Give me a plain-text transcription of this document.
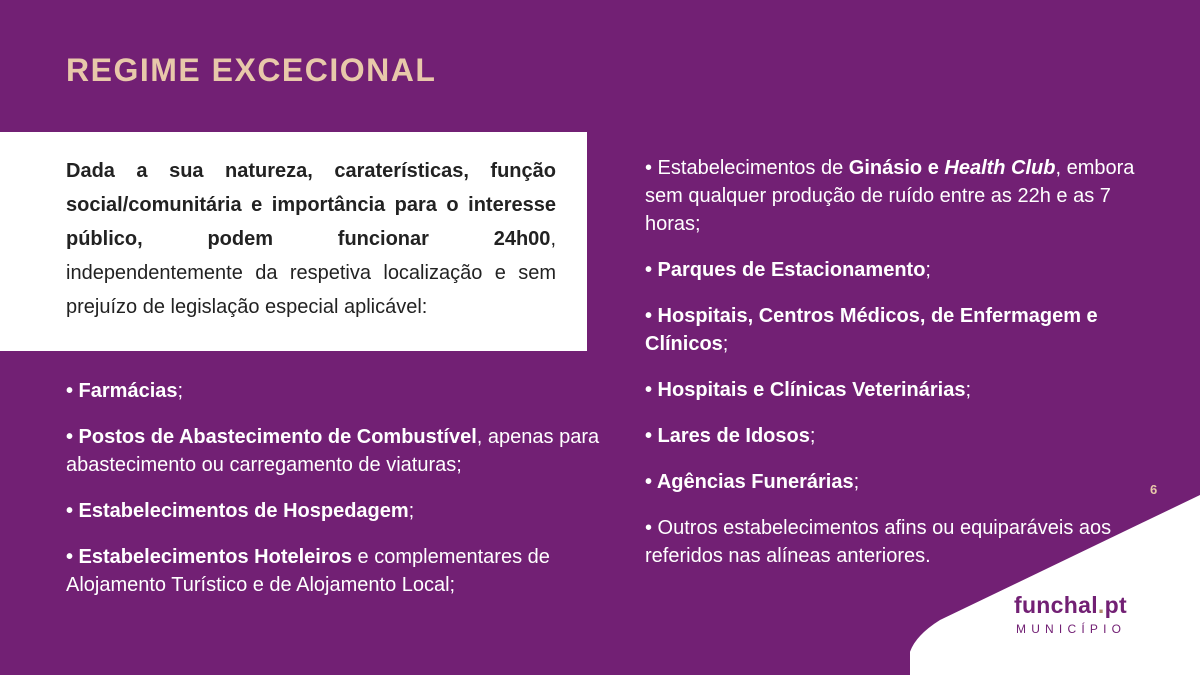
REGIME EXCECIONAL

Dada a sua natureza, caraterísticas, função social/comunitária e importância para o interesse público, podem funcionar 24h00, independentemente da respetiva localização e sem prejuízo de legislação especial aplicável:

• Farmácias;

• Postos de Abastecimento de Combustível, apenas para abastecimento ou carregamento de viaturas;

• Estabelecimentos de Hospedagem;

• Estabelecimentos Hoteleiros e complementares de Alojamento Turístico e de Alojamento Local;

• Estabelecimentos de Ginásio e Health Club, embora sem qualquer produção de ruído entre as 22h e as 7 horas;

• Parques de Estacionamento;

• Hospitais, Centros Médicos, de Enfermagem e Clínicos;

• Hospitais e Clínicas Veterinárias;

• Lares de Idosos;

• Agências Funerárias;

• Outros estabelecimentos afins ou equiparáveis aos referidos nas alíneas anteriores.

6
funchal.pt
MUNICÍPIO
